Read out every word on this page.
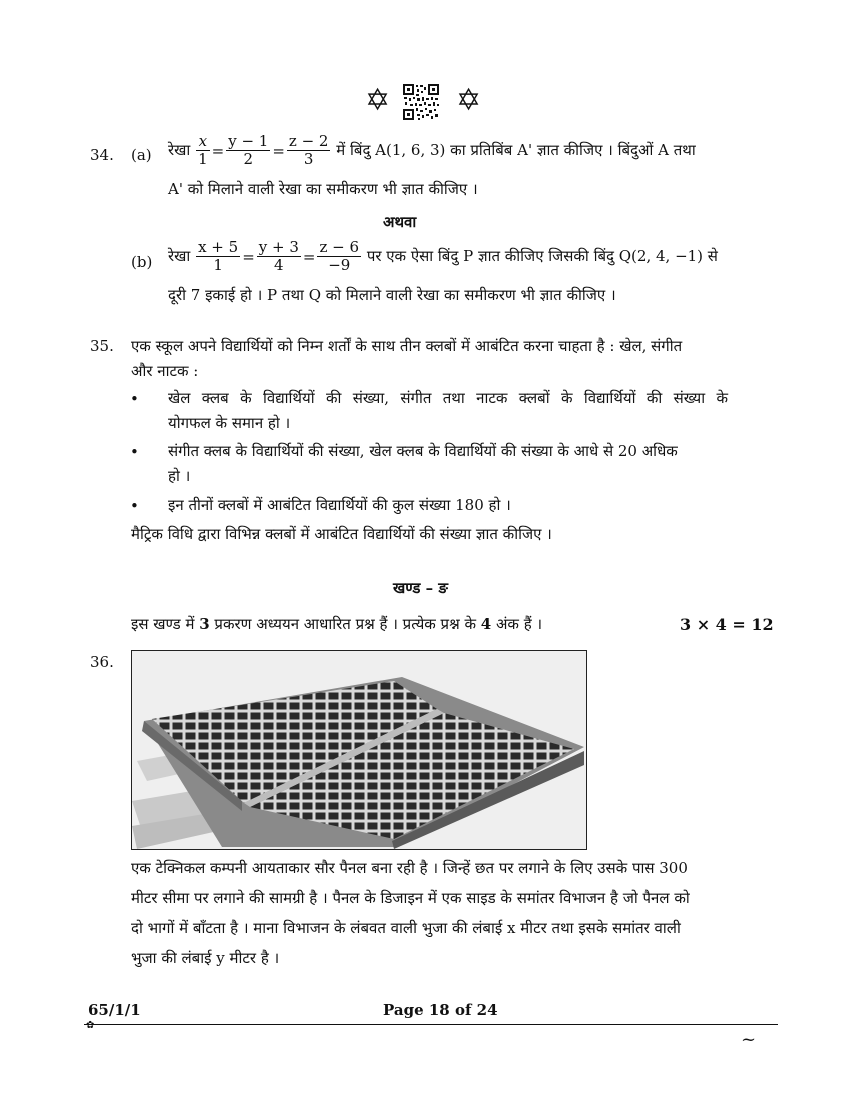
✡ ✡
34. (a) रेखा $\frac{x}{1} = \frac{y - 1}{2} = \frac{z - 2}{3}$ में बिंदु A(1, 6, 3) का प्रतिबिंब A' ज्ञात कीजिए । बिंदुओं A तथा
A' को मिलाने वाली रेखा का समीकरण भी ज्ञात कीजिए ।
अथवा
(b) रेखा $\frac{x + 5}{1} = \frac{y + 3}{4} = \frac{z - 6}{-9}$ पर एक ऐसा बिंदु P ज्ञात कीजिए जिसकी बिंदु Q(2, 4, −1) से
दूरी 7 इकाई हो । P तथा Q को मिलाने वाली रेखा का समीकरण भी ज्ञात कीजिए ।
35. एक स्कूल अपने विद्यार्थियों को निम्न शर्तों के साथ तीन क्लबों में आबंटित करना चाहता है : खेल, संगीत
और नाटक :
• खेल क्लब के विद्यार्थियों की संख्या, संगीत तथा नाटक क्लबों के विद्यार्थियों की संख्या के
योगफल के समान हो ।
• संगीत क्लब के विद्यार्थियों की संख्या, खेल क्लब के विद्यार्थियों की संख्या के आधे से 20 अधिक
हो ।
• इन तीनों क्लबों में आबंटित विद्यार्थियों की कुल संख्या 180 हो ।
मैट्रिक विधि द्वारा विभिन्न क्लबों में आबंटित विद्यार्थियों की संख्या ज्ञात कीजिए ।
खण्ड – ङ
इस खण्ड में 3 प्रकरण अध्ययन आधारित प्रश्न हैं । प्रत्येक प्रश्न के 4 अंक हैं ।	3 × 4 = 12
36.
एक टेक्निकल कम्पनी आयताकार सौर पैनल बना रही है । जिन्हें छत पर लगाने के लिए उसके पास 300
मीटर सीमा पर लगाने की सामग्री है । पैनल के डिजाइन में एक साइड के समांतर विभाजन है जो पैनल को
दो भागों में बाँटता है । माना विभाजन के लंबवत वाली भुजा की लंबाई x मीटर तथा इसके समांतर वाली
भुजा की लंबाई y मीटर है ।
65/1/1	Page 18 of 24
✿
~
